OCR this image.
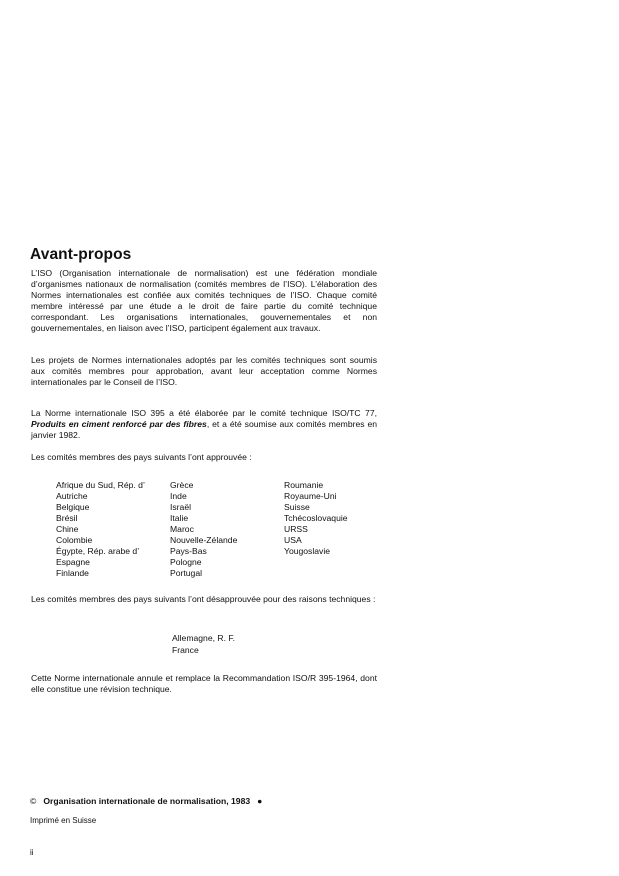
Avant-propos
L’ISO (Organisation internationale de normalisation) est une fédération mondiale d’organismes nationaux de normalisation (comités membres de l’ISO). L’élaboration des Normes internationales est confiée aux comités techniques de l’ISO. Chaque comité membre intéressé par une étude a le droit de faire partie du comité technique correspondant. Les organisations internationales, gouvernementales et non gouvernementales, en liaison avec l’ISO, participent également aux travaux.
Les projets de Normes internationales adoptés par les comités techniques sont soumis aux comités membres pour approbation, avant leur acceptation comme Normes internationales par le Conseil de l’ISO.
La Norme internationale ISO 395 a été élaborée par le comité technique ISO/TC 77, Produits en ciment renforcé par des fibres, et a été soumise aux comités membres en janvier 1982.
Les comités membres des pays suivants l’ont approuvée :
Afrique du Sud, Rép. d’
Autriche
Belgique
Brésil
Chine
Colombie
Égypte, Rép. arabe d’
Espagne
Finlande
Grèce
Inde
Israël
Italie
Maroc
Nouvelle-Zélande
Pays-Bas
Pologne
Portugal
Roumanie
Royaume-Uni
Suisse
Tchécoslovaquie
URSS
USA
Yougoslavie
Les comités membres des pays suivants l’ont désapprouvée pour des raisons techniques :
Allemagne, R. F.
France
Cette Norme internationale annule et remplace la Recommandation ISO/R 395-1964, dont elle constitue une révision technique.
© Organisation internationale de normalisation, 1983 ●
Imprimé en Suisse
ii
